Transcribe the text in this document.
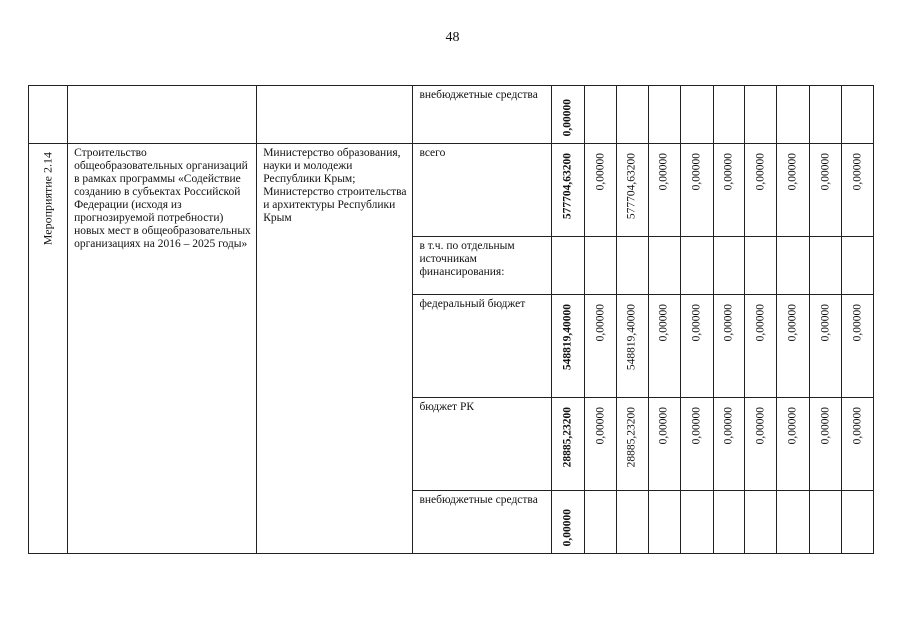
48
			внебюджетные средства	0,00000									

Мероприятие 2.14	Строительство общеобразовательных организаций в рамках программы «Содействие созданию в субъектах Российской Федерации (исходя из прогнозируемой потребности) новых мест в общеобразовательных организациях на 2016 – 2025 годы»	Министерство образования, науки и молодежи Республики Крым; Министерство строительства и архитектуры Республики Крым	всего	577704,63200	0,00000	577704,63200	0,00000	0,00000	0,00000	0,00000	0,00000	0,00000	0,00000

			в т.ч. по отдельным источникам финансирования:										
			федеральный бюджет	548819,40000	0,00000	548819,40000	0,00000	0,00000	0,00000	0,00000	0,00000	0,00000	0,00000

			бюджет РК	28885,23200	0,00000	28885,23200	0,00000	0,00000	0,00000	0,00000	0,00000	0,00000	0,00000

			внебюджетные средства	0,00000									
